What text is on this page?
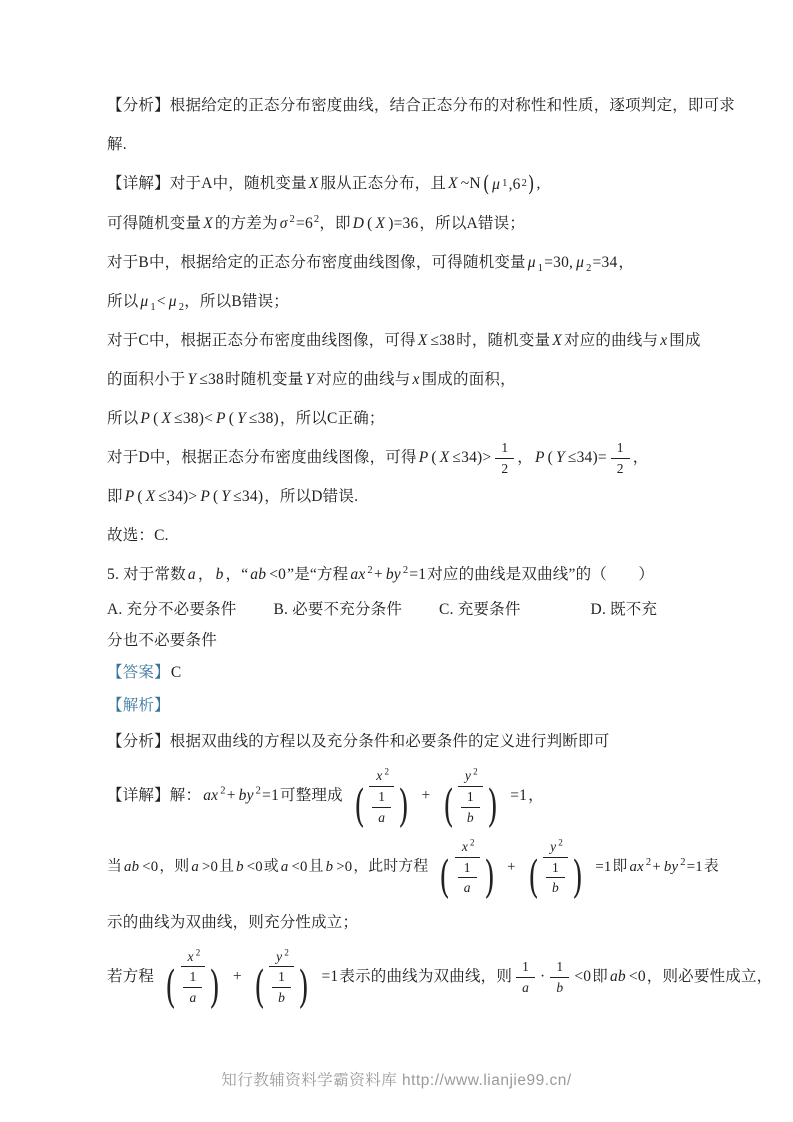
【分析】根据给定的正态分布密度曲线，结合正态分布的对称性和性质，逐项判定，即可求
解.
【详解】对于A中，随机变量 X 服从正态分布，且 X ~N ( μ 1 ,6 2 ) ,
可得随机变量 X 的方差为 σ $^2=6^2$，即 D ( X )=36，所以A错误；
对于B中，根据给定的正态分布密度曲线图像，可得随机变量 μ $_1$=30, μ $_2$=34，
所以 μ $_1$< μ $_2$，所以B错误；
对于C中，根据正态分布密度曲线图像，可得 X ≤38时，随机变量 X 对应的曲线与 x 围成
的面积小于 Y ≤38时随机变量 Y 对应的曲线与 x 围成的面积，
所以 P ( X ≤38)< P ( Y ≤38)，所以C正确；
对于D中，根据正态分布密度曲线图像，可得 P ( $X \le 34)> \frac{1}{2}$ ， P ( $Y \le 34)= \frac{1}{2}$ ，
即 P ( X ≤34)> P ( Y ≤34)，所以D错误.
故选：C.
5. 对于常数 a ， b ，“ ab <0”是“方程 ax $^2$+ by $^2$=1对应的曲线是双曲线”的（　　）
A. 充分不必要条件 B. 必要不充分条件 C. 充要条件	D. 既不充
分也不必要条件
【答案】C
【解析】
【分析】根据双曲线的方程以及充分条件和必要条件的定义进行判断即可
【详解】解： ax $^2$+ by $^2$=1可整理成 $\frac{x ^2}{( \frac{1}{a} )} + \frac{y ^2}{( \frac{1}{b} )} =1$，
当 ab <0，则 a >0且 b <0或 a <0且 b >0，此时方程 $\frac{x ^2}{( \frac{1}{a} )} + \frac{y ^2}{( \frac{1}{b} )} =1$即 ax $^2$+ by $^2$=1表
示的曲线为双曲线，则充分性成立；
若方程 $\frac{x ^2}{( \frac{1}{a} )} + \frac{y ^2}{( \frac{1}{b} )} =1$表示的曲线为双曲线，则 $\frac{1}{a} \cdot \frac{1}{b} <0$即 ab <0，则必要性成立，
知行教辅资料学霸资料库 http://www.lianjie99.cn/
